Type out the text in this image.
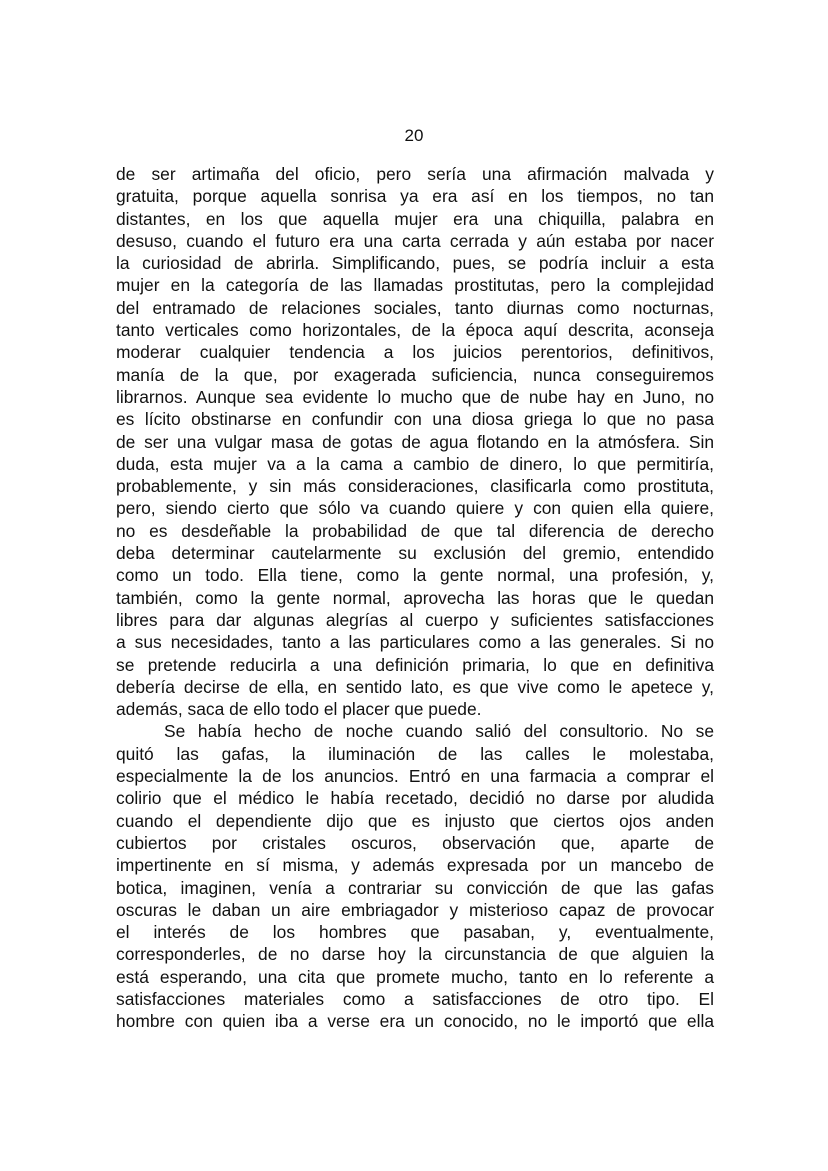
20
de ser artimaña del oficio, pero sería una afirmación malvada y
gratuita, porque aquella sonrisa ya era así en los tiempos, no tan
distantes, en los que aquella mujer era una chiquilla, palabra en
desuso, cuando el futuro era una carta cerrada y aún estaba por nacer
la curiosidad de abrirla. Simplificando, pues, se podría incluir a esta
mujer en la categoría de las llamadas prostitutas, pero la complejidad
del entramado de relaciones sociales, tanto diurnas como nocturnas,
tanto verticales como horizontales, de la época aquí descrita, aconseja
moderar cualquier tendencia a los juicios perentorios, definitivos,
manía de la que, por exagerada suficiencia, nunca conseguiremos
librarnos. Aunque sea evidente lo mucho que de nube hay en Juno, no
es lícito obstinarse en confundir con una diosa griega lo que no pasa
de ser una vulgar masa de gotas de agua flotando en la atmósfera. Sin
duda, esta mujer va a la cama a cambio de dinero, lo que permitiría,
probablemente, y sin más consideraciones, clasificarla como prostituta,
pero, siendo cierto que sólo va cuando quiere y con quien ella quiere,
no es desdeñable la probabilidad de que tal diferencia de derecho
deba determinar cautelarmente su exclusión del gremio, entendido
como un todo. Ella tiene, como la gente normal, una profesión, y,
también, como la gente normal, aprovecha las horas que le quedan
libres para dar algunas alegrías al cuerpo y suficientes satisfacciones
a sus necesidades, tanto a las particulares como a las generales. Si no
se pretende reducirla a una definición primaria, lo que en definitiva
debería decirse de ella, en sentido lato, es que vive como le apetece y,
además, saca de ello todo el placer que puede.
Se había hecho de noche cuando salió del consultorio. No se
quitó las gafas, la iluminación de las calles le molestaba,
especialmente la de los anuncios. Entró en una farmacia a comprar el
colirio que el médico le había recetado, decidió no darse por aludida
cuando el dependiente dijo que es injusto que ciertos ojos anden
cubiertos por cristales oscuros, observación que, aparte de
impertinente en sí misma, y además expresada por un mancebo de
botica, imaginen, venía a contrariar su convicción de que las gafas
oscuras le daban un aire embriagador y misterioso capaz de provocar
el interés de los hombres que pasaban, y, eventualmente,
corresponderles, de no darse hoy la circunstancia de que alguien la
está esperando, una cita que promete mucho, tanto en lo referente a
satisfacciones materiales como a satisfacciones de otro tipo. El
hombre con quien iba a verse era un conocido, no le importó que ella
